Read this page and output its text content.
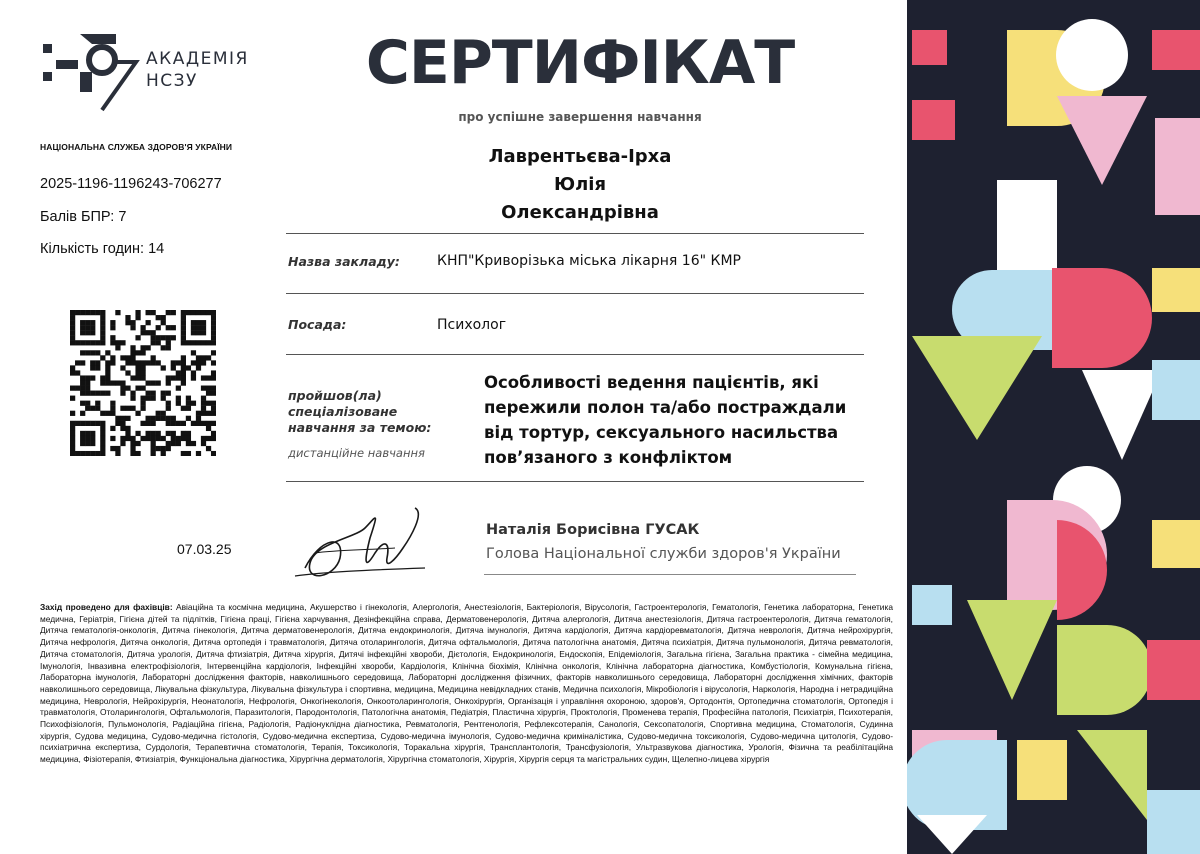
АКАДЕМІЯ
НСЗУ
НАЦІОНАЛЬНА СЛУЖБА ЗДОРОВ'Я УКРАЇНИ
2025-1196-1196243-706277
Балів БПР: 7
Кількість годин: 14
СЕРТИФІКАТ
про успішне завершення навчання
Лаврентьєва-Ірха
Юлія
Олександрівна
Назва закладу:	КНП"Криворізька міська лікарня 16" КМР
Посада:	Психолог
пройшов(ла)
спеціалізоване
навчання за темою:
дистанційне навчання
Особливості ведення пацієнтів, які
пережили полон та/або постраждали
від тортур, сексуального насильства
пов’язаного з конфліктом
07.03.25
Наталія Борисівна ГУСАК
Голова Національної служби здоров'я України
Захід проведено для фахівців: Авіаційна та космічна медицина, Акушерство і гінекологія, Алергологія, Анестезіологія, Бактеріологія, Вірусологія, Гастроентерологія, Гематологія, Генетика лабораторна, Генетика медична, Геріатрія, Гігієна дітей та підлітків, Гігієна праці, Гігієна харчування, Дезінфекційна справа, Дерматовенерологія, Дитяча алергологія, Дитяча анестезіологія, Дитяча гастроентерологія, Дитяча гематологія, Дитяча гематологія-онкологія, Дитяча гінекологія, Дитяча дерматовенерологія, Дитяча ендокринологія, Дитяча імунологія, Дитяча кардіологія, Дитяча кардіоревматологія, Дитяча неврологія, Дитяча нейрохірургія, Дитяча нефрологія, Дитяча онкологія, Дитяча ортопедія і травматологія, Дитяча отоларингологія, Дитяча офтальмологія, Дитяча патологічна анатомія, Дитяча психіатрія, Дитяча пульмонологія, Дитяча ревматологія, Дитяча стоматологія, Дитяча урологія, Дитяча фтизіатрія, Дитяча хірургія, Дитячі інфекційні хвороби, Дієтологія, Ендокринологія, Ендоскопія, Епідеміологія, Загальна гігієна, Загальна практика - сімейна медицина, Імунологія, Інвазивна електрофізіологія, Інтервенційна кардіологія, Інфекційні хвороби, Кардіологія, Клінічна біохімія, Клінічна онкологія, Клінічна лабораторна діагностика, Комбустіологія, Комунальна гігієна, Лабораторна імунологія, Лабораторні дослідження факторів, навколишнього середовища, Лабораторні дослідження фізичних, факторів навколишнього середовища, Лабораторні дослідження хімічних, факторів навколишнього середовища, Лікувальна фізкультура, Лікувальна фізкультура і спортивна, медицина, Медицина невідкладних станів, Медична психологія, Мікробіологія і вірусологія, Наркологія, Народна і нетрадиційна медицина, Неврологія, Нейрохірургія, Неонатологія, Нефрологія, Онкогінекологія, Онкоотоларингологія, Онкохірургія, Організація і управління охороною, здоров'я, Ортодонтія, Ортопедична стоматологія, Ортопедія і травматологія, Отоларингологія, Офтальмологія, Паразитологія, Пародонтологія, Патологічна анатомія, Педіатрія, Пластична хірургія, Проктологія, Променева терапія, Професійна патологія, Психіатрія, Психотерапія, Психофізіологія, Пульмонологія, Радіаційна гігієна, Радіологія, Радіонуклідна діагностика, Ревматологія, Рентгенологія, Рефлексотерапія, Санологія, Сексопатологія, Спортивна медицина, Стоматологія, Судинна хірургія, Судова медицина, Судово-медична гістологія, Судово-медична експертиза, Судово-медична імунологія, Судово-медична криміналістика, Судово-медична токсикологія, Судово-медична цитологія, Судово-психіатрична експертиза, Сурдологія, Терапевтична стоматологія, Терапія, Токсикологія, Торакальна хірургія, Трансплантологія, Трансфузіологія, Ультразвукова діагностика, Урологія, Фізична та реабілітаційна медицина, Фізіотерапія, Фтизіатрія, Функціональна діагностика, Хірургічна дерматологія, Хірургічна стоматологія, Хірургія, Хірургія серця та магістральних судин, Щелепно-лицева хірургія
